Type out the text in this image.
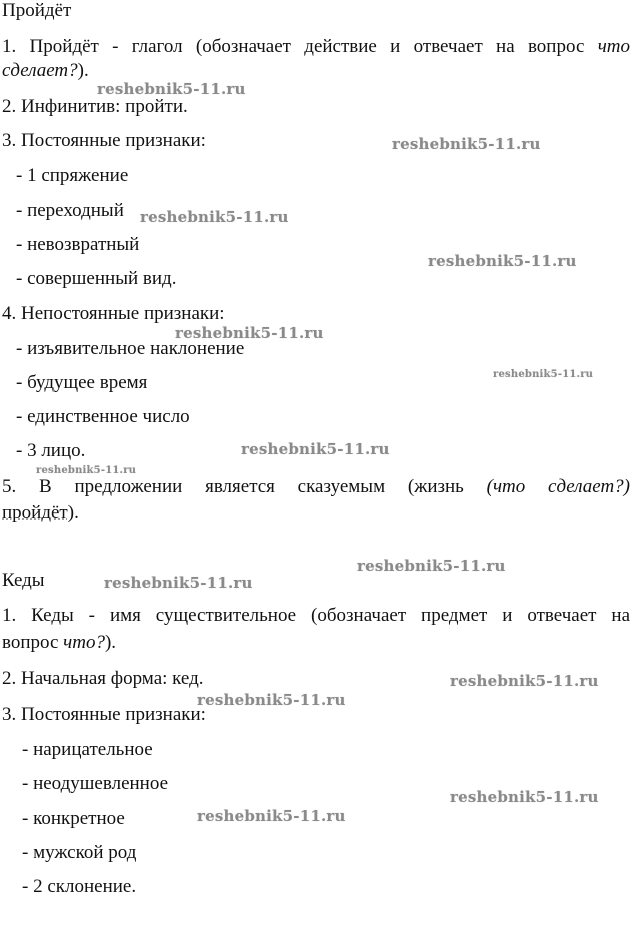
Пройдёт
1. Пройдёт - глагол (обозначает действие и отвечает на вопрос что
сделает?).
2. Инфинитив: пройти.
3. Постоянные признаки:
- 1 спряжение
- переходный
- невозвратный
- совершенный вид.
4. Непостоянные признаки:
- изъявительное наклонение
- будущее время
- единственное число
- 3 лицо.
5. В предложении является сказуемым (жизнь (что сделает?)
пройдёт).
Кеды
1. Кеды - имя существительное (обозначает предмет и отвечает на
вопрос что?).
2. Начальная форма: кед.
3. Постоянные признаки:
- нарицательное
- неодушевленное
- конкретное
- мужской род
- 2 склонение.
reshebnik5-11.ru
reshebnik5-11.ru
reshebnik5-11.ru
reshebnik5-11.ru
reshebnik5-11.ru
reshebnik5-11.ru
reshebnik5-11.ru
reshebnik5-11.ru
reshebnik5-11.ru
reshebnik5-11.ru
reshebnik5-11.ru
reshebnik5-11.ru
reshebnik5-11.ru
reshebnik5-11.ru
